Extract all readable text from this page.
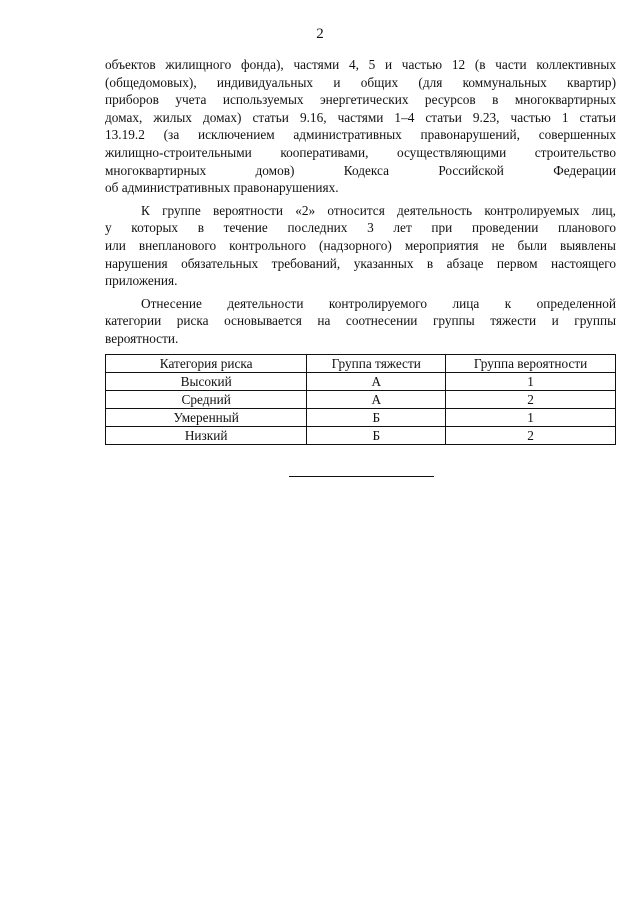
2
объектов жилищного фонда), частями 4, 5 и частью 12 (в части коллективных
(общедомовых), индивидуальных и общих (для коммунальных квартир)
приборов учета используемых энергетических ресурсов в многоквартирных
домах, жилых домах) статьи 9.16, частями 1–4 статьи 9.23, частью 1 статьи
13.19.2 (за исключением административных правонарушений, совершенных
жилищно-строительными кооперативами, осуществляющими строительство
многоквартирных домов) Кодекса Российской Федерации
об административных правонарушениях.
К группе вероятности «2» относится деятельность контролируемых лиц,
у которых в течение последних 3 лет при проведении планового
или внепланового контрольного (надзорного) мероприятия не были выявлены
нарушения обязательных требований, указанных в абзаце первом настоящего
приложения.
Отнесение деятельности контролируемого лица к определенной
категории риска основывается на соотнесении группы тяжести и группы
вероятности.
Категория риска	Группа тяжести	Группа вероятности
Высокий	А	1
Средний	А	2
Умеренный	Б	1
Низкий	Б	2
